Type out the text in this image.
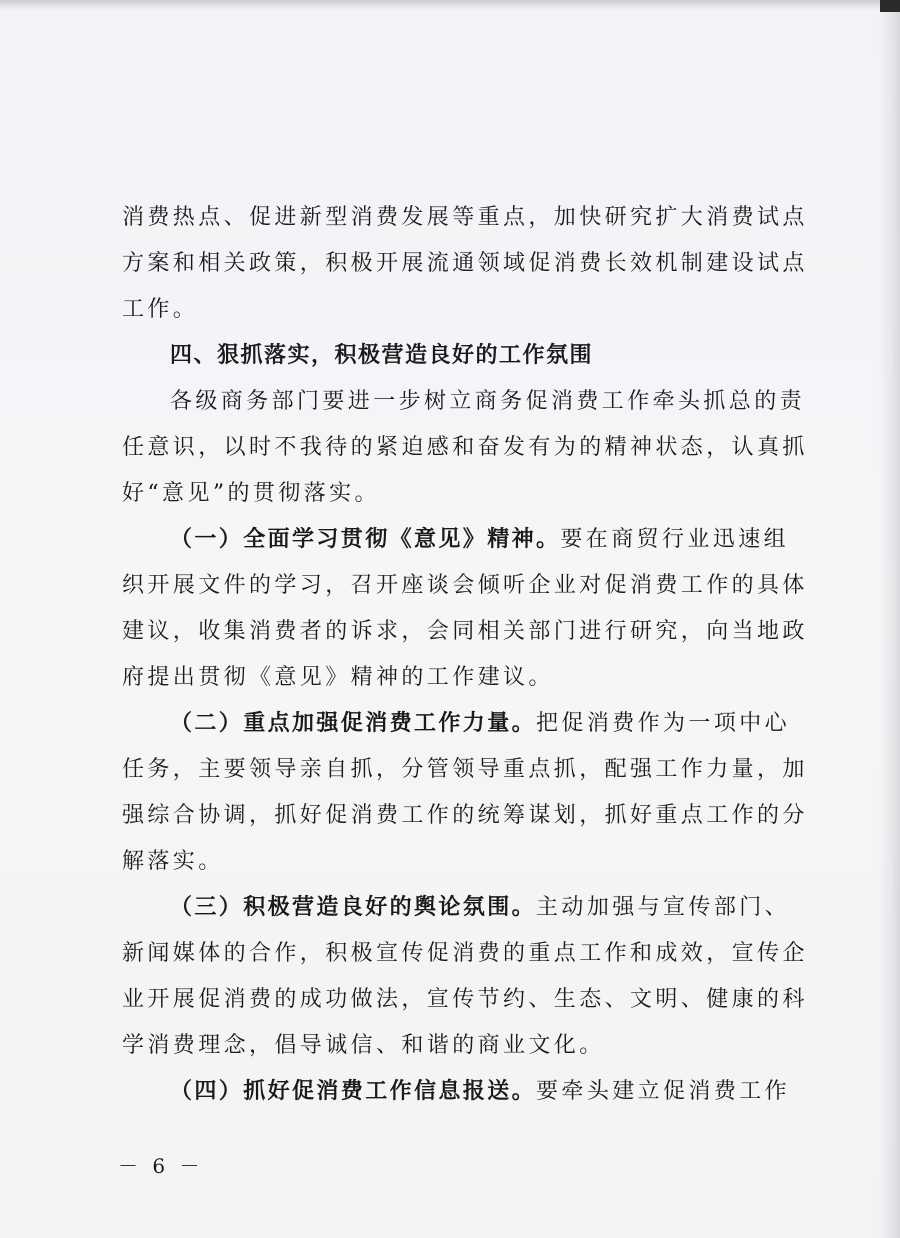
消费热点、促进新型消费发展等重点，加快研究扩大消费试点
方案和相关政策，积极开展流通领域促消费长效机制建设试点
工作。
四、狠抓落实，积极营造良好的工作氛围
各级商务部门要进一步树立商务促消费工作牵头抓总的责
任意识，以时不我待的紧迫感和奋发有为的精神状态，认真抓
好“意见”的贯彻落实。
（一）全面学习贯彻《意见》精神。要在商贸行业迅速组
织开展文件的学习，召开座谈会倾听企业对促消费工作的具体
建议，收集消费者的诉求，会同相关部门进行研究，向当地政
府提出贯彻《意见》精神的工作建议。
（二）重点加强促消费工作力量。把促消费作为一项中心
任务，主要领导亲自抓，分管领导重点抓，配强工作力量，加
强综合协调，抓好促消费工作的统筹谋划，抓好重点工作的分
解落实。
（三）积极营造良好的舆论氛围。主动加强与宣传部门、
新闻媒体的合作，积极宣传促消费的重点工作和成效，宣传企
业开展促消费的成功做法，宣传节约、生态、文明、健康的科
学消费理念，倡导诚信、和谐的商业文化。
（四）抓好促消费工作信息报送。要牵头建立促消费工作
－ 6 －
